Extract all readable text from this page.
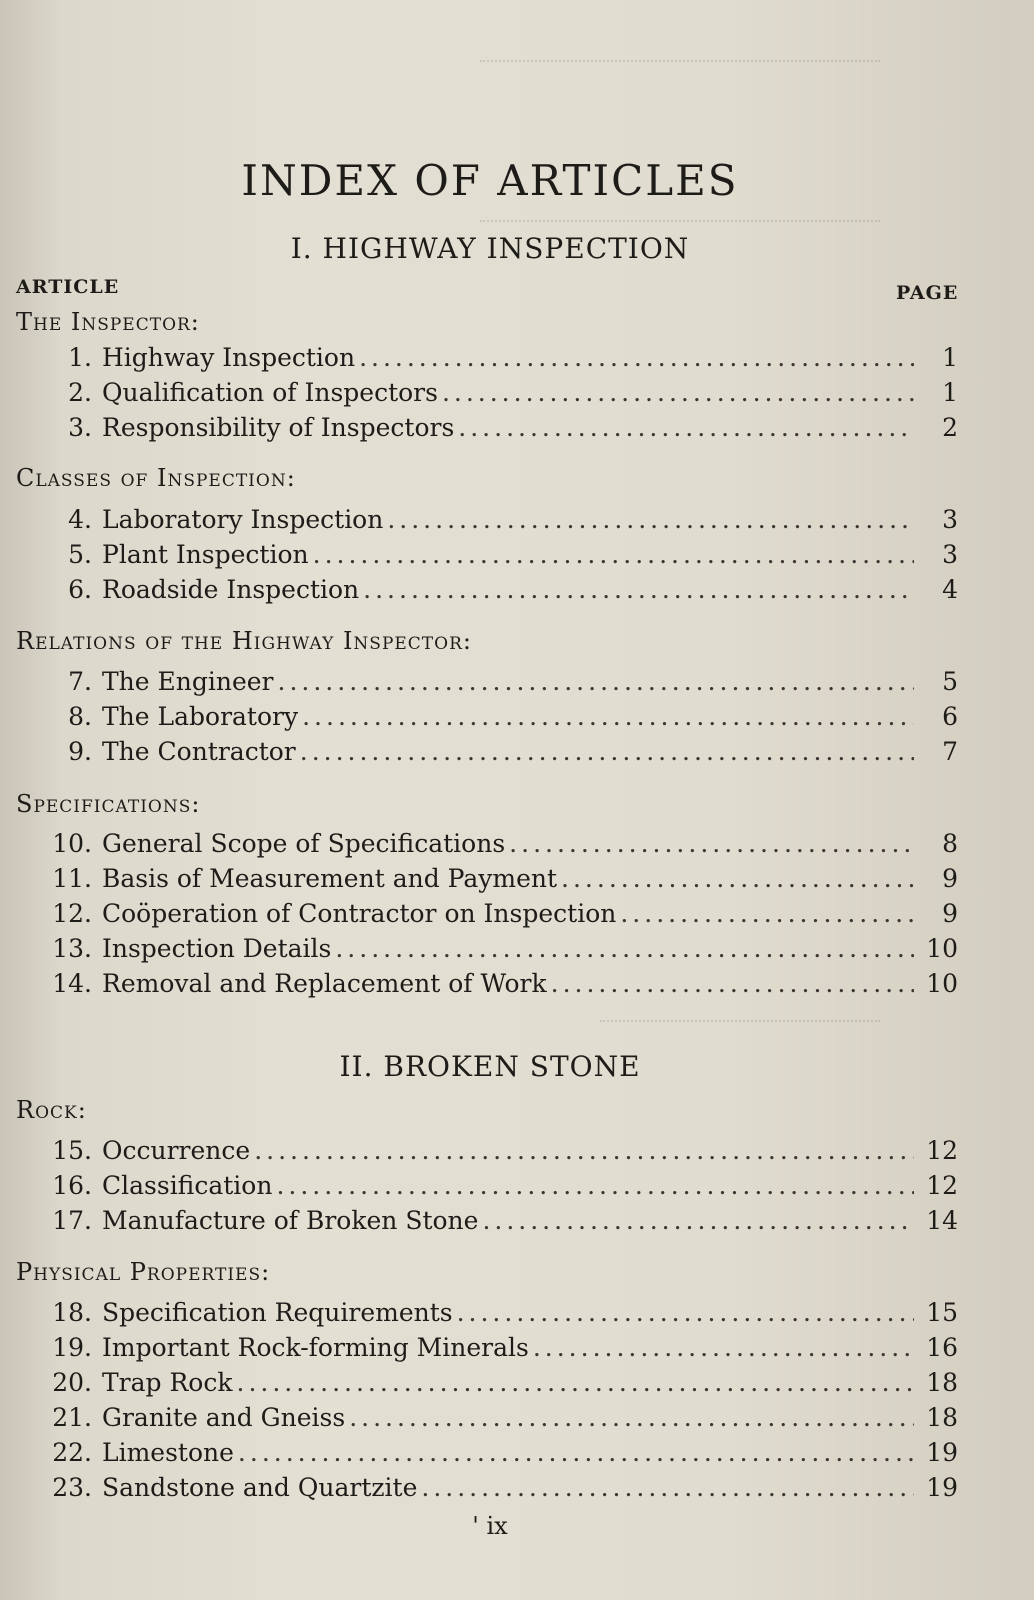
INDEX OF ARTICLES
I. HIGHWAY INSPECTION
ARTICLE	PAGE
The Inspector:
1. Highway Inspection .....	1
2. Qualification of Inspectors .....	1
3. Responsibility of Inspectors .....	2
Classes of Inspection:
4. Laboratory Inspection .....	3
5. Plant Inspection .....	3
6. Roadside Inspection .....	4
Relations of the Highway Inspector:
7. The Engineer .....	5
8. The Laboratory .....	6
9. The Contractor .....	7
Specifications:
10. General Scope of Specifications .....	8
11. Basis of Measurement and Payment .....	9
12. Coöperation of Contractor on Inspection .....	9
13. Inspection Details .....	10
14. Removal and Replacement of Work .....	10
II. BROKEN STONE
Rock:
15. Occurrence .....	12
16. Classification .....	12
17. Manufacture of Broken Stone .....	14
Physical Properties:
18. Specification Requirements .....	15
19. Important Rock-forming Minerals .....	16
20. Trap Rock .....	18
21. Granite and Gneiss .....	18
22. Limestone .....	19
23. Sandstone and Quartzite .....	19
' ix
